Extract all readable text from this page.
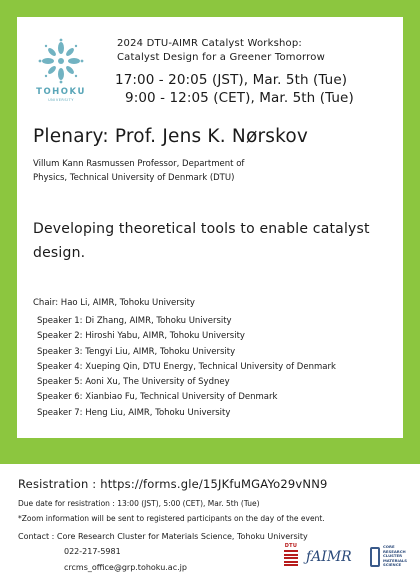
TOHOKU
UNIVERSITY
2024 DTU-AIMR Catalyst Workshop:
Catalyst Design for a Greener Tomorrow
17:00 - 20:05 (JST), Mar. 5th (Tue)
9:00 - 12:05 (CET), Mar. 5th (Tue)
Plenary: Prof. Jens K. Nørskov
Villum Kann Rasmussen Professor, Department of
Physics, Technical University of Denmark (DTU)
Developing theoretical tools to enable catalyst
design.
Chair: Hao Li, AIMR, Tohoku University
Speaker 1: Di Zhang, AIMR, Tohoku University
Speaker 2: Hiroshi Yabu, AIMR, Tohoku University
Speaker 3: Tengyi Liu, AIMR, Tohoku University
Speaker 4: Xueping Qin, DTU Energy, Technical University of Denmark
Speaker 5: Aoni Xu, The University of Sydney
Speaker 6: Xianbiao Fu, Technical University of Denmark
Speaker 7: Heng Liu, AIMR, Tohoku University
Resistration : https://forms.gle/15JKfuMGAYo29vNN9
Due date for resistration : 13:00 (JST), 5:00 (CET), Mar. 5th (Tue)
*Zoom information will be sent to registered participants on the day of the event.
Contact : Core Research Cluster for Materials Science, Tohoku University
022-217-5981
crcms_office@grp.tohoku.ac.jp
DTU
ƒAIMR
CORE
RESEARCH
CLUSTER
MATERIALS SCIENCE
